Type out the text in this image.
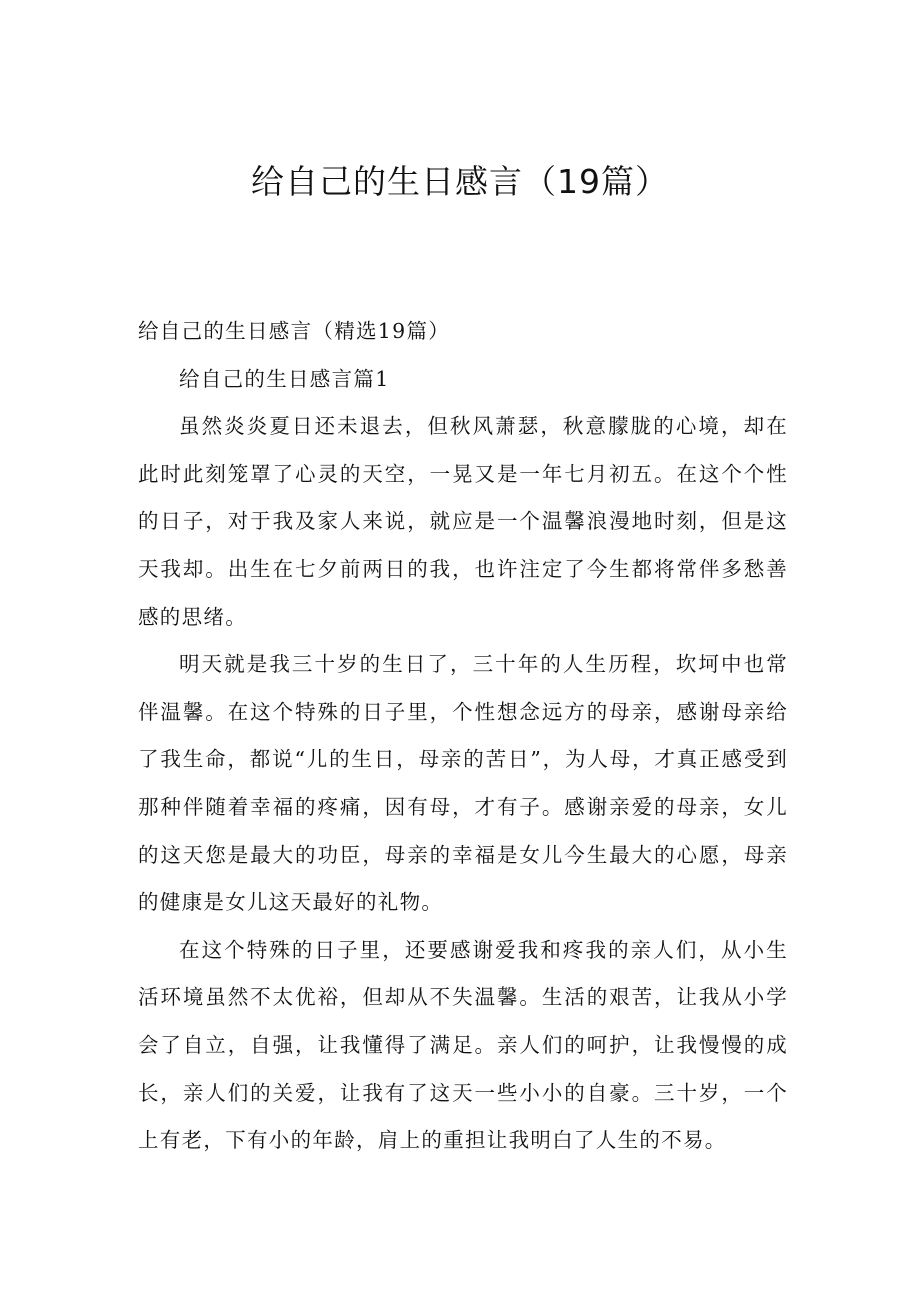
给自己的生日感言（19篇）

给自己的生日感言（精选19篇）

给自己的生日感言篇1

虽然炎炎夏日还未退去，但秋风萧瑟，秋意朦胧的心境，却在此时此刻笼罩了心灵的天空，一晃又是一年七月初五。在这个个性的日子，对于我及家人来说，就应是一个温馨浪漫地时刻，但是这天我却。出生在七夕前两日的我，也许注定了今生都将常伴多愁善感的思绪。

明天就是我三十岁的生日了，三十年的人生历程，坎坷中也常伴温馨。在这个特殊的日子里，个性想念远方的母亲，感谢母亲给了我生命，都说“儿的生日，母亲的苦日”，为人母，才真正感受到那种伴随着幸福的疼痛，因有母，才有子。感谢亲爱的母亲，女儿的这天您是最大的功臣，母亲的幸福是女儿今生最大的心愿，母亲的健康是女儿这天最好的礼物。

在这个特殊的日子里，还要感谢爱我和疼我的亲人们，从小生活环境虽然不太优裕，但却从不失温馨。生活的艰苦，让我从小学会了自立，自强，让我懂得了满足。亲人们的呵护，让我慢慢的成长，亲人们的关爱，让我有了这天一些小小的自豪。三十岁，一个上有老，下有小的年龄，肩上的重担让我明白了人生的不易。
